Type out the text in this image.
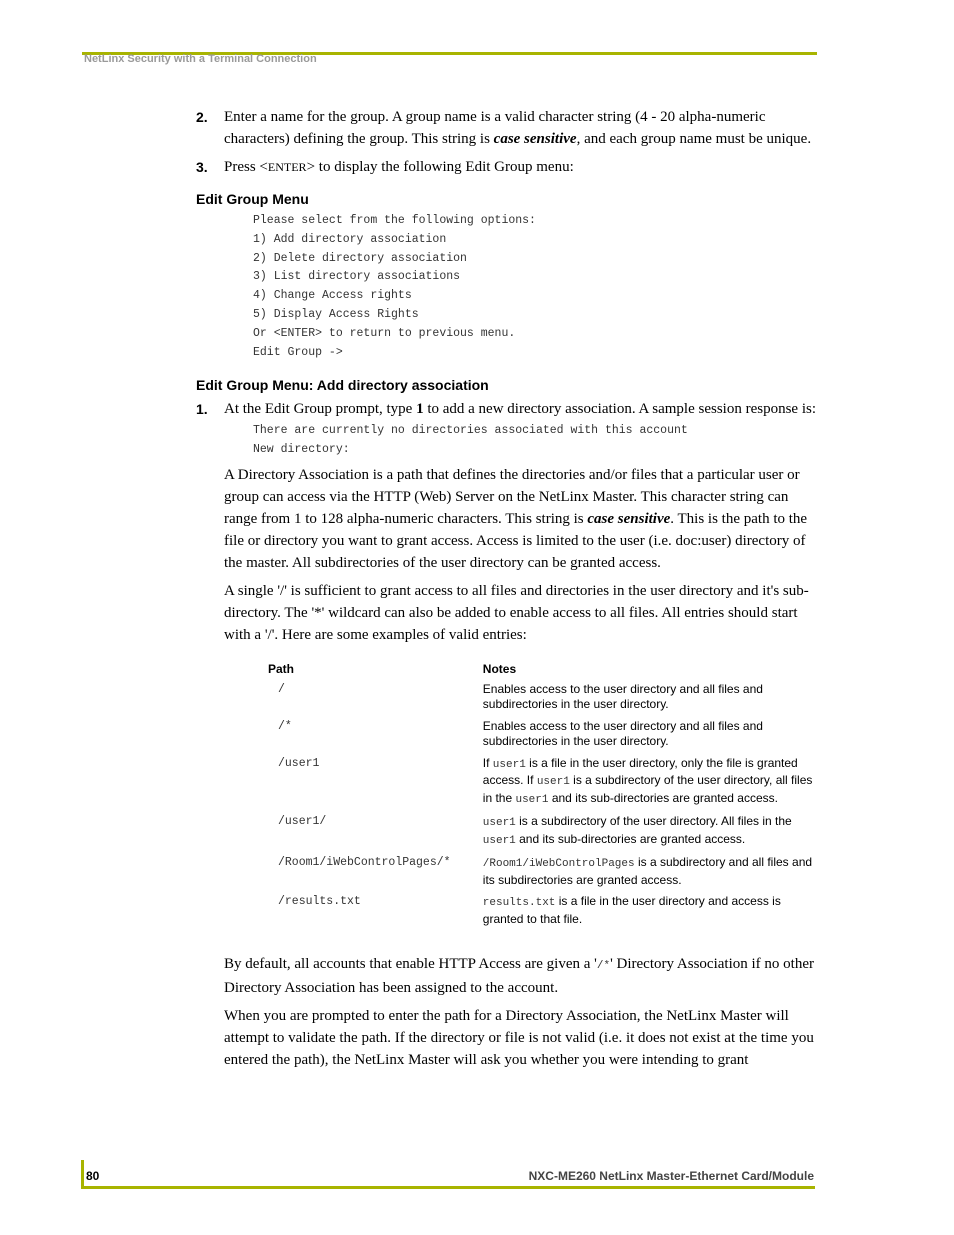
NetLinx Security with a Terminal Connection
2. Enter a name for the group. A group name is a valid character string (4 - 20 alpha-numeric characters) defining the group. This string is case sensitive, and each group name must be unique.
3. Press <ENTER> to display the following Edit Group menu:
Edit Group Menu
Please select from the following options:
1) Add directory association
2) Delete directory association
3) List directory associations
4) Change Access rights
5) Display Access Rights
Or <ENTER> to return to previous menu.
Edit Group ->
Edit Group Menu: Add directory association
1. At the Edit Group prompt, type 1 to add a new directory association. A sample session response is:
There are currently no directories associated with this account
New directory:
A Directory Association is a path that defines the directories and/or files that a particular user or group can access via the HTTP (Web) Server on the NetLinx Master. This character string can range from 1 to 128 alpha-numeric characters. This string is case sensitive. This is the path to the file or directory you want to grant access. Access is limited to the user (i.e. doc:user) directory of the master. All subdirectories of the user directory can be granted access.
A single '/' is sufficient to grant access to all files and directories in the user directory and it's sub-directory. The '*' wildcard can also be added to enable access to all files. All entries should start with a '/'. Here are some examples of valid entries:
Path	Notes
/	Enables access to the user directory and all files and subdirectories in the user directory.
/*	Enables access to the user directory and all files and subdirectories in the user directory.
/user1	If user1 is a file in the user directory, only the file is granted access. If user1 is a subdirectory of the user directory, all files in the user1 and its sub-directories are granted access.
/user1/	user1 is a subdirectory of the user directory. All files in the user1 and its sub-directories are granted access.
/Room1/iWebControlPages/*	/Room1/iWebControlPages is a subdirectory and all files and its subdirectories are granted access.
/results.txt	results.txt is a file in the user directory and access is granted to that file.
By default, all accounts that enable HTTP Access are given a '/*' Directory Association if no other Directory Association has been assigned to the account.
When you are prompted to enter the path for a Directory Association, the NetLinx Master will attempt to validate the path. If the directory or file is not valid (i.e. it does not exist at the time you entered the path), the NetLinx Master will ask you whether you were intending to grant
80	NXC-ME260 NetLinx Master-Ethernet Card/Module
